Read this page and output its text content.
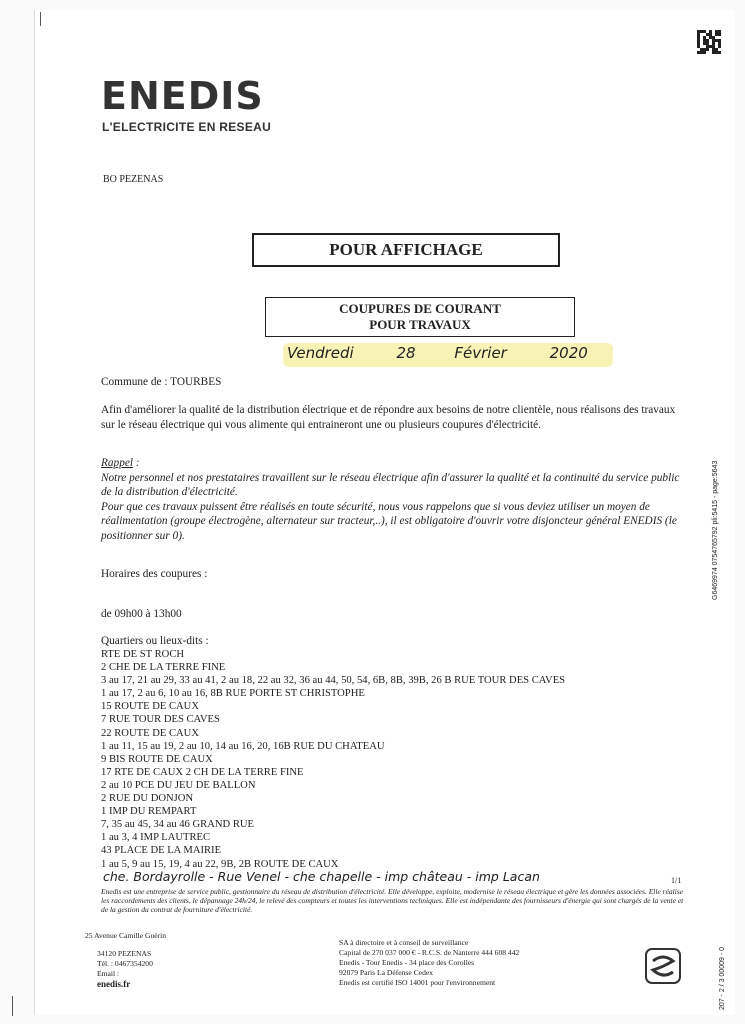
ENEDIS
L'ELECTRICITE EN RESEAU
BO PEZENAS
POUR AFFICHAGE
COUPURES DE COURANT
POUR TRAVAUX
Vendredi	28	Février	2020
Commune de : TOURBES
Afin d'améliorer la qualité de la distribution électrique et de répondre aux besoins de notre clientèle, nous réalisons des travaux sur le réseau électrique qui vous alimente qui entraineront une ou plusieurs coupures d'électricité.
Rappel :
Notre personnel et nos prestataires travaillent sur le réseau électrique afin d'assurer la qualité et la continuité du service public de la distribution d'électricité.
Pour que ces travaux puissent être réalisés en toute sécurité, nous vous rappelons que si vous deviez utiliser un moyen de réalimentation (groupe électrogène, alternateur sur tracteur,..), il est obligatoire d'ouvrir votre disjoncteur général ENEDIS (le positionner sur 0).
Horaires des coupures :
de 09h00 à 13h00
Quartiers ou lieux-dits :
RTE DE ST ROCH
2 CHE DE LA TERRE FINE
3 au 17, 21 au 29, 33 au 41, 2 au 18, 22 au 32, 36 au 44, 50, 54, 6B, 8B, 39B, 26 B RUE TOUR DES CAVES
1 au 17, 2 au 6, 10 au 16, 8B RUE PORTE ST CHRISTOPHE
15 ROUTE DE CAUX
7 RUE TOUR DES CAVES
22 ROUTE DE CAUX
1 au 11, 15 au 19, 2 au 10, 14 au 16, 20, 16B RUE DU CHATEAU
9 BIS ROUTE DE CAUX
17 RTE DE CAUX 2 CH DE LA TERRE FINE
2 au 10 PCE DU JEU DE BALLON
2 RUE DU DONJON
1 IMP DU REMPART
7, 35 au 45, 34 au 46 GRAND RUE
1 au 3, 4 IMP LAUTREC
43 PLACE DE LA MAIRIE
1 au 5, 9 au 15, 19, 4 au 22, 9B, 2B ROUTE DE CAUX
che. Bordayrolle - Rue Venel - che chapelle - imp château - imp Lacan	1/1
Enedis est une entreprise de service public, gestionnaire du réseau de distribution d'électricité. Elle développe, exploite, modernise le réseau électrique et gère les données associées. Elle réalise les raccordements des clients, le dépannage 24h/24, le relevé des compteurs et toutes les interventions techniques. Elle est indépendante des fournisseurs d'énergie qui sont chargés de la vente et de la gestion du contrat de fourniture d'électricité.
25 Avenue Camille Guérin
34120 PEZENAS
Tél. : 0467354200
Email :
enedis.fr
SA à directoire et à conseil de surveillance
Capital de 270 037 000 € - R.C.S. de Nanterre 444 608 442
Enedis - Tour Enedis - 34 place des Corolles
92079 Paris La Défense Cedex
Enedis est certifié ISO 14001 pour l'environnement
G6469974 0754765792 pli:5415 - page:5643
207 - 2 / 3 00009 - 0
